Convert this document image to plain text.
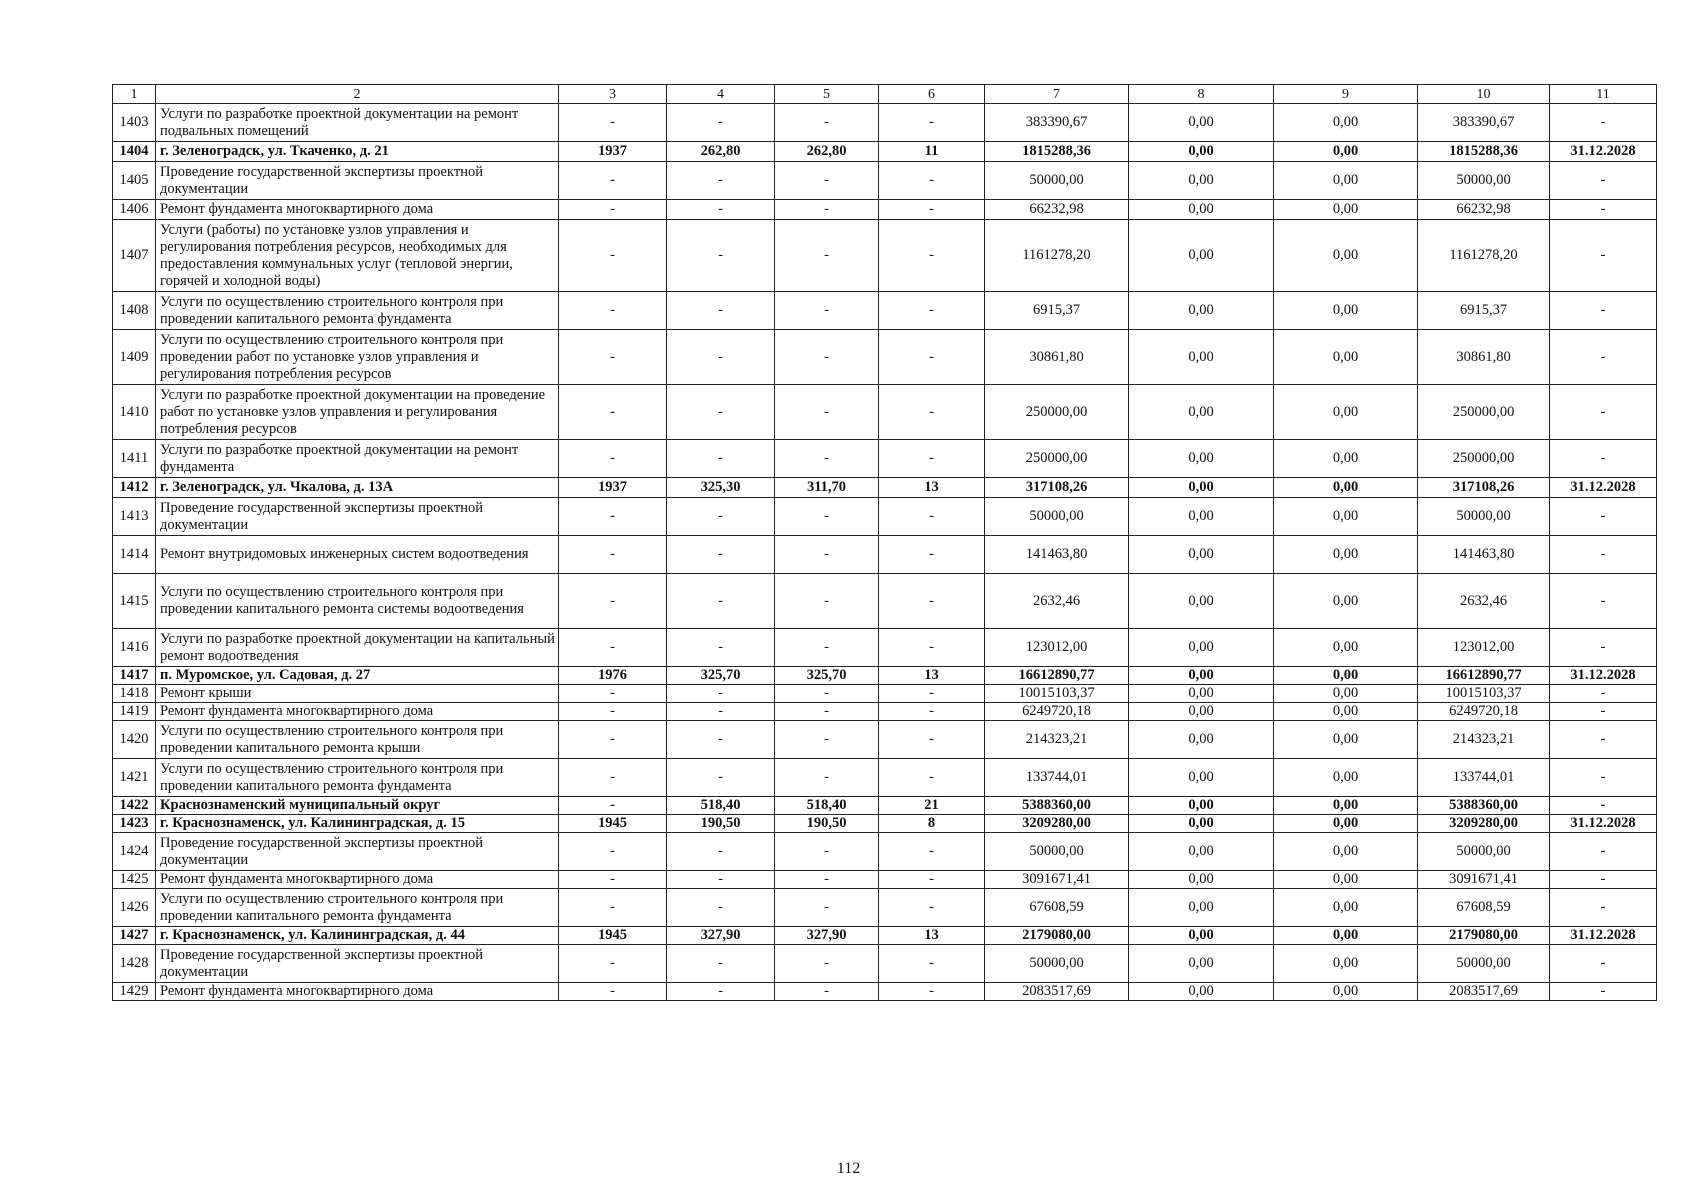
1	2	3	4	5	6	7	8	9	10	11
1403	Услуги по разработке проектной документации на ремонт подвальных помещений	-	-	-	-	383390,67	0,00	0,00	383390,67	-
1404	г. Зеленоградск, ул. Ткаченко, д. 21	1937	262,80	262,80	11	1815288,36	0,00	0,00	1815288,36	31.12.2028
1405	Проведение государственной экспертизы проектной документации	-	-	-	-	50000,00	0,00	0,00	50000,00	-
1406	Ремонт фундамента многоквартирного дома	-	-	-	-	66232,98	0,00	0,00	66232,98	-
1407	Услуги (работы) по установке узлов управления и регулирования потребления ресурсов, необходимых для предоставления коммунальных услуг (тепловой энергии, горячей и холодной воды)	-	-	-	-	1161278,20	0,00	0,00	1161278,20	-
1408	Услуги по осуществлению строительного контроля при проведении капитального ремонта фундамента	-	-	-	-	6915,37	0,00	0,00	6915,37	-
1409	Услуги по осуществлению строительного контроля при проведении работ по установке узлов управления и регулирования потребления ресурсов	-	-	-	-	30861,80	0,00	0,00	30861,80	-
1410	Услуги по разработке проектной документации на проведение работ по установке узлов управления и регулирования потребления ресурсов	-	-	-	-	250000,00	0,00	0,00	250000,00	-
1411	Услуги по разработке проектной документации на ремонт фундамента	-	-	-	-	250000,00	0,00	0,00	250000,00	-
1412	г. Зеленоградск, ул. Чкалова, д. 13А	1937	325,30	311,70	13	317108,26	0,00	0,00	317108,26	31.12.2028
1413	Проведение государственной экспертизы проектной документации	-	-	-	-	50000,00	0,00	0,00	50000,00	-
1414	Ремонт внутридомовых инженерных систем водоотведения	-	-	-	-	141463,80	0,00	0,00	141463,80	-
1415	Услуги по осуществлению строительного контроля при проведении капитального ремонта системы водоотведения	-	-	-	-	2632,46	0,00	0,00	2632,46	-
1416	Услуги по разработке проектной документации на капитальный ремонт водоотведения	-	-	-	-	123012,00	0,00	0,00	123012,00	-
1417	п. Муромское, ул. Садовая, д. 27	1976	325,70	325,70	13	16612890,77	0,00	0,00	16612890,77	31.12.2028
1418	Ремонт крыши	-	-	-	-	10015103,37	0,00	0,00	10015103,37	-
1419	Ремонт фундамента многоквартирного дома	-	-	-	-	6249720,18	0,00	0,00	6249720,18	-
1420	Услуги по осуществлению строительного контроля при проведении капитального ремонта крыши	-	-	-	-	214323,21	0,00	0,00	214323,21	-
1421	Услуги по осуществлению строительного контроля при проведении капитального ремонта фундамента	-	-	-	-	133744,01	0,00	0,00	133744,01	-
1422	Краснознаменский муниципальный округ	-	518,40	518,40	21	5388360,00	0,00	0,00	5388360,00	-
1423	г. Краснознаменск, ул. Калининградская, д. 15	1945	190,50	190,50	8	3209280,00	0,00	0,00	3209280,00	31.12.2028
1424	Проведение государственной экспертизы проектной документации	-	-	-	-	50000,00	0,00	0,00	50000,00	-
1425	Ремонт фундамента многоквартирного дома	-	-	-	-	3091671,41	0,00	0,00	3091671,41	-
1426	Услуги по осуществлению строительного контроля при проведении капитального ремонта фундамента	-	-	-	-	67608,59	0,00	0,00	67608,59	-
1427	г. Краснознаменск, ул. Калининградская, д. 44	1945	327,90	327,90	13	2179080,00	0,00	0,00	2179080,00	31.12.2028
1428	Проведение государственной экспертизы проектной документации	-	-	-	-	50000,00	0,00	0,00	50000,00	-
1429	Ремонт фундамента многоквартирного дома	-	-	-	-	2083517,69	0,00	0,00	2083517,69	-
112
